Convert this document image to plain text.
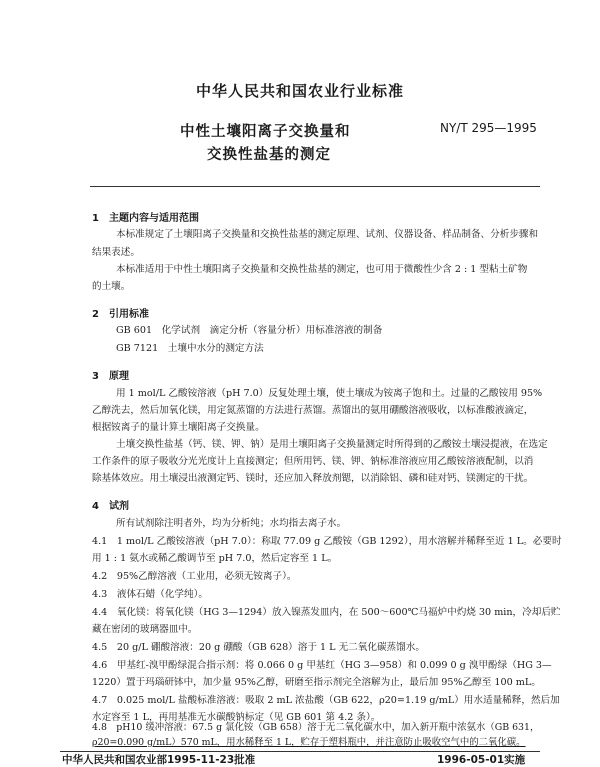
中华人民共和国农业行业标准
中性土壤阳离子交换量和
交换性盐基的测定
NY/T 295—1995
1　主题内容与适用范围
本标准规定了土壤阳离子交换量和交换性盐基的测定原理、试剂、仪器设备、样品制备、分析步骤和
结果表述。
本标准适用于中性土壤阳离子交换量和交换性盐基的测定，也可用于微酸性少含 2 : 1 型粘土矿物
的土壤。
2　引用标准
GB 601　化学试剂　滴定分析（容量分析）用标准溶液的制备
GB 7121　土壤中水分的测定方法
3　原理
用 1 mol/L 乙酸铵溶液（pH 7.0）反复处理土壤，使土壤成为铵离子饱和土。过量的乙酸铵用 95%
乙醇洗去，然后加氧化镁，用定氮蒸馏的方法进行蒸馏。蒸馏出的氨用硼酸溶液吸收，以标准酸液滴定，
根据铵离子的量计算土壤阳离子交换量。
土壤交换性盐基（钙、镁、钾、钠）是用土壤阳离子交换量测定时所得到的乙酸铵土壤浸提液，在选定
工作条件的原子吸收分光光度计上直接测定；但所用钙、镁、钾、钠标准溶液应用乙酸铵溶液配制，以消
除基体效应。用土壤浸出液测定钙、镁时，还应加入释放剂锶，以消除铝、磷和硅对钙、镁测定的干扰。
4　试剂
所有试剂除注明者外，均为分析纯；水均指去离子水。
4.1　1 mol/L 乙酸铵溶液（pH 7.0）：称取 77.09 g 乙酸铵（GB 1292），用水溶解并稀释至近 1 L。必要时
用 1 : 1 氨水或稀乙酸调节至 pH 7.0，然后定容至 1 L。
4.2　95%乙醇溶液（工业用，必须无铵离子）。
4.3　液体石蜡（化学纯）。
4.4　氧化镁：将氧化镁（HG 3—1294）放入镍蒸发皿内，在 500～600℃马福炉中灼烧 30 min，冷却后贮
藏在密闭的玻璃器皿中。
4.5　20 g/L 硼酸溶液：20 g 硼酸（GB 628）溶于 1 L 无二氧化碳蒸馏水。
4.6　甲基红-溴甲酚绿混合指示剂：将 0.066 0 g 甲基红（HG 3—958）和 0.099 0 g 溴甲酚绿（HG 3—
1220）置于玛瑙研钵中，加少量 95%乙醇，研磨至指示剂完全溶解为止，最后加 95%乙醇至 100 mL。
4.7　0.025 mol/L 盐酸标准溶液：吸取 2 mL 浓盐酸（GB 622，ρ20=1.19 g/mL）用水适量稀释，然后加
水定容至 1 L，再用基准无水碳酸钠标定（见 GB 601 第 4.2 条）。
4.8　pH10 缓冲溶液：67.5 g 氯化铵（GB 658）溶于无二氧化碳水中，加入新开瓶中浓氨水（GB 631，
ρ20=0.090 g/mL）570 mL，用水稀释至 1 L，贮存于塑料瓶中，并注意防止吸收空气中的二氧化碳。
中华人民共和国农业部1995-11-23批准	1996-05-01实施
